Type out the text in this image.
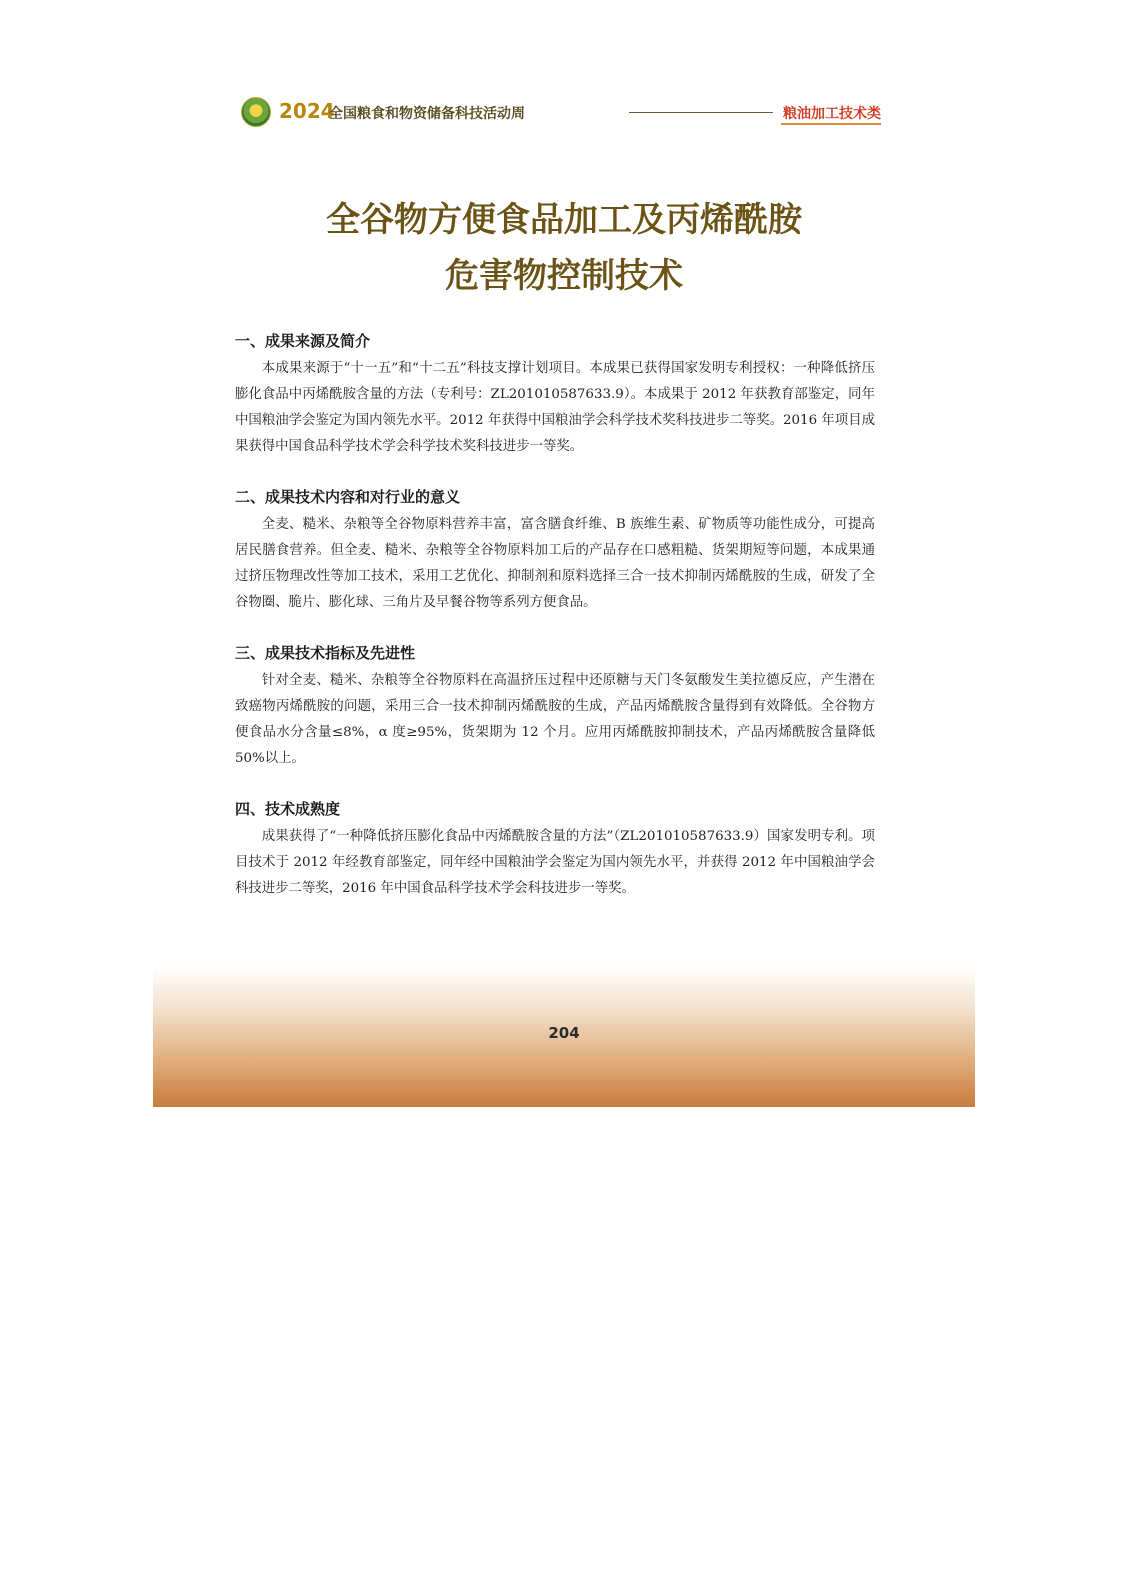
2024
全国粮食和物资储备科技活动周	粮油加工技术类
全谷物方便食品加工及丙烯酰胺
危害物控制技术
一、成果来源及简介
本成果来源于“十一五”和“十二五”科技支撑计划项目。本成果已获得国家发明专利授权：一种降低挤压膨化食品中丙烯酰胺含量的方法（专利号：ZL201010587633.9）。本成果于 2012 年获教育部鉴定，同年中国粮油学会鉴定为国内领先水平。2012 年获得中国粮油学会科学技术奖科技进步二等奖。2016 年项目成果获得中国食品科学技术学会科学技术奖科技进步一等奖。
二、成果技术内容和对行业的意义
全麦、糙米、杂粮等全谷物原料营养丰富，富含膳食纤维、B 族维生素、矿物质等功能性成分，可提高居民膳食营养。但全麦、糙米、杂粮等全谷物原料加工后的产品存在口感粗糙、货架期短等问题，本成果通过挤压物理改性等加工技术，采用工艺优化、抑制剂和原料选择三合一技术抑制丙烯酰胺的生成，研发了全谷物圈、脆片、膨化球、三角片及早餐谷物等系列方便食品。
三、成果技术指标及先进性
针对全麦、糙米、杂粮等全谷物原料在高温挤压过程中还原糖与天门冬氨酸发生美拉德反应，产生潜在致癌物丙烯酰胺的问题，采用三合一技术抑制丙烯酰胺的生成，产品丙烯酰胺含量得到有效降低。全谷物方便食品水分含量≤8%，α 度≥95%，货架期为 12 个月。应用丙烯酰胺抑制技术，产品丙烯酰胺含量降低 50%以上。
四、技术成熟度
成果获得了“一种降低挤压膨化食品中丙烯酰胺含量的方法”（ZL201010587633.9）国家发明专利。项目技术于 2012 年经教育部鉴定，同年经中国粮油学会鉴定为国内领先水平，并获得 2012 年中国粮油学会科技进步二等奖，2016 年中国食品科学技术学会科技进步一等奖。
204
